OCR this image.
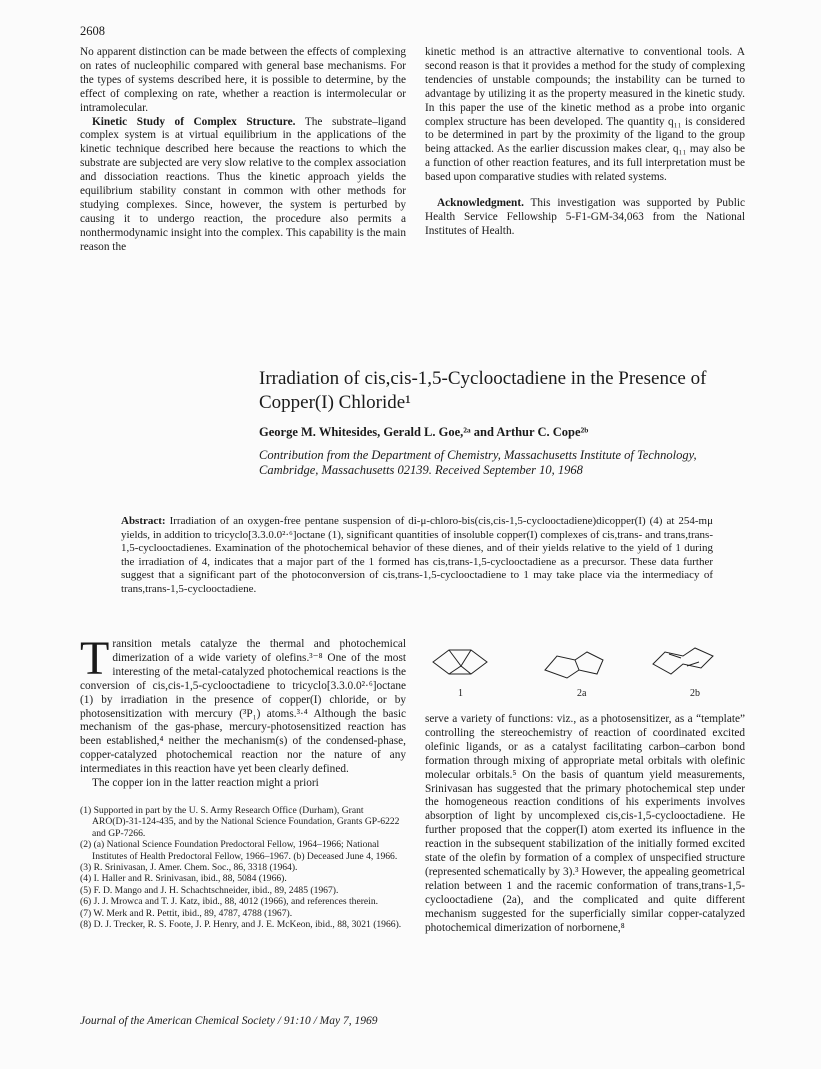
2608

No apparent distinction can be made between the effects of complexing on rates of nucleophilic compared with general base mechanisms. For the types of systems described here, it is possible to determine, by the effect of complexing on rate, whether a reaction is intermolecular or intramolecular.

Kinetic Study of Complex Structure. The substrate–ligand complex system is at virtual equilibrium in the applications of the kinetic technique described here because the reactions to which the substrate are subjected are very slow relative to the complex association and dissociation reactions. Thus the kinetic approach yields the equilibrium stability constant in common with other methods for studying complexes. Since, however, the system is perturbed by causing it to undergo reaction, the procedure also permits a nonthermodynamic insight into the complex. This capability is the main reason the

kinetic method is an attractive alternative to conventional tools. A second reason is that it provides a method for the study of complexing tendencies of unstable compounds; the instability can be turned to advantage by utilizing it as the property measured in the kinetic study. In this paper the use of the kinetic method as a probe into organic complex structure has been developed. The quantity q₁₁ is considered to be determined in part by the proximity of the ligand to the group being attacked. As the earlier discussion makes clear, q₁₁ may also be a function of other reaction features, and its full interpretation must be based upon comparative studies with related systems.

Acknowledgment. This investigation was supported by Public Health Service Fellowship 5-F1-GM-34,063 from the National Institutes of Health.

Irradiation of cis,cis-1,5-Cyclooctadiene in the Presence of Copper(I) Chloride¹
George M. Whitesides, Gerald L. Goe,²ᵃ and Arthur C. Cope²ᵇ
Contribution from the Department of Chemistry, Massachusetts Institute of Technology, Cambridge, Massachusetts 02139. Received September 10, 1968
Abstract: Irradiation of an oxygen-free pentane suspension of di-μ-chloro-bis(cis,cis-1,5-cyclooctadiene)dicopper(I) (4) at 254-mμ yields, in addition to tricyclo[3.3.0.0²·⁶]octane (1), significant quantities of insoluble copper(I) complexes of cis,trans- and trans,trans-1,5-cyclooctadienes. Examination of the photochemical behavior of these dienes, and of their yields relative to the yield of 1 during the irradiation of 4, indicates that a major part of the 1 formed has cis,trans-1,5-cyclooctadiene as a precursor. These data further suggest that a significant part of the photoconversion of cis,trans-1,5-cyclooctadiene to 1 may take place via the intermediacy of trans,trans-1,5-cyclooctadiene.

Transition metals catalyze the thermal and photochemical dimerization of a wide variety of olefins.³⁻⁸ One of the most interesting of the metal-catalyzed photochemical reactions is the conversion of cis,cis-1,5-cyclooctadiene to tricyclo[3.3.0.0²·⁶]octane (1) by irradiation in the presence of copper(I) chloride, or by photosensitization with mercury (³P₁) atoms.³·⁴ Although the basic mechanism of the gas-phase, mercury-photosensitized reaction has been established,⁴ neither the mechanism(s) of the condensed-phase, copper-catalyzed photochemical reaction nor the nature of any intermediates in this reaction have yet been clearly defined.

The copper ion in the latter reaction might a priori

(1) Supported in part by the U. S. Army Research Office (Durham), Grant ARO(D)-31-124-435, and by the National Science Foundation, Grants GP-6222 and GP-7266.

(2) (a) National Science Foundation Predoctoral Fellow, 1964–1966; National Institutes of Health Predoctoral Fellow, 1966–1967. (b) Deceased June 4, 1966.

(3) R. Srinivasan, J. Amer. Chem. Soc., 86, 3318 (1964).

(4) I. Haller and R. Srinivasan, ibid., 88, 5084 (1966).

(5) F. D. Mango and J. H. Schachtschneider, ibid., 89, 2485 (1967).

(6) J. J. Mrowca and T. J. Katz, ibid., 88, 4012 (1966), and references therein.

(7) W. Merk and R. Pettit, ibid., 89, 4787, 4788 (1967).

(8) D. J. Trecker, R. S. Foote, J. P. Henry, and J. E. McKeon, ibid., 88, 3021 (1966).

1	2a	2b

serve a variety of functions: viz., as a photosensitizer, as a “template” controlling the stereochemistry of reaction of coordinated excited olefinic ligands, or as a catalyst facilitating carbon–carbon bond formation through mixing of appropriate metal orbitals with olefinic molecular orbitals.⁵ On the basis of quantum yield measurements, Srinivasan has suggested that the primary photochemical step under the homogeneous reaction conditions of his experiments involves absorption of light by uncomplexed cis,cis-1,5-cyclooctadiene. He further proposed that the copper(I) atom exerted its influence in the reaction in the subsequent stabilization of the initially formed excited state of the olefin by formation of a complex of unspecified structure (represented schematically by 3).³ However, the appealing geometrical relation between 1 and the racemic conformation of trans,trans-1,5-cyclooctadiene (2a), and the complicated and quite different mechanism suggested for the superficially similar copper-catalyzed photochemical dimerization of norbornene,⁸

Journal of the American Chemical Society / 91:10 / May 7, 1969
